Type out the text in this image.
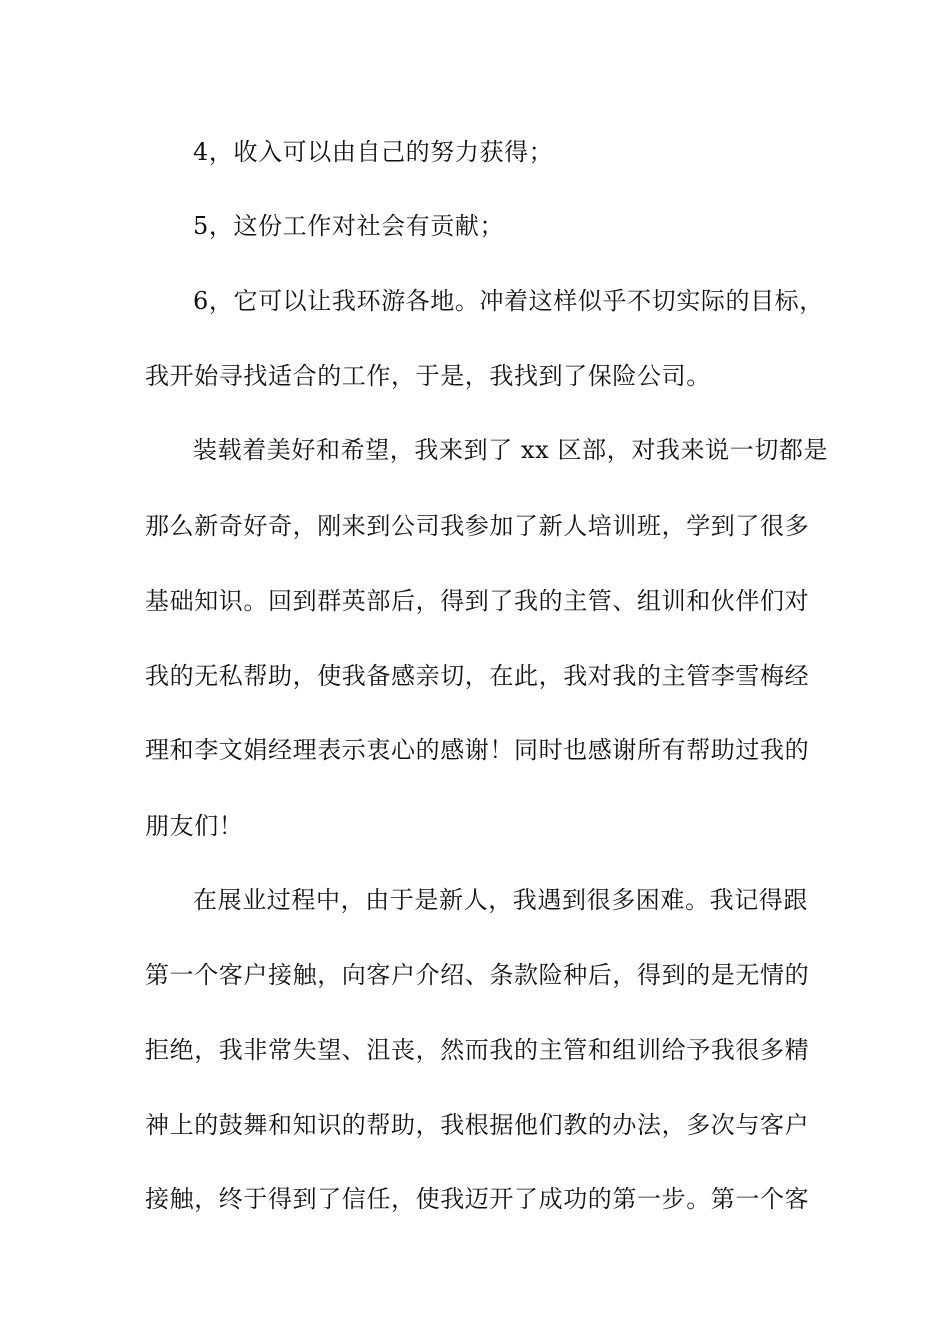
4，收入可以由自己的努力获得；
5，这份工作对社会有贡献；
6，它可以让我环游各地。冲着这样似乎不切实际的目标，
我开始寻找适合的工作，于是，我找到了保险公司。
装载着美好和希望，我来到了 xx 区部，对我来说一切都是
那么新奇好奇，刚来到公司我参加了新人培训班，学到了很多
基础知识。回到群英部后，得到了我的主管、组训和伙伴们对
我的无私帮助，使我备感亲切，在此，我对我的主管李雪梅经
理和李文娟经理表示衷心的感谢！同时也感谢所有帮助过我的
朋友们！
在展业过程中，由于是新人，我遇到很多困难。我记得跟
第一个客户接触，向客户介绍、条款险种后，得到的是无情的
拒绝，我非常失望、沮丧，然而我的主管和组训给予我很多精
神上的鼓舞和知识的帮助，我根据他们教的办法，多次与客户
接触，终于得到了信任，使我迈开了成功的第一步。第一个客
